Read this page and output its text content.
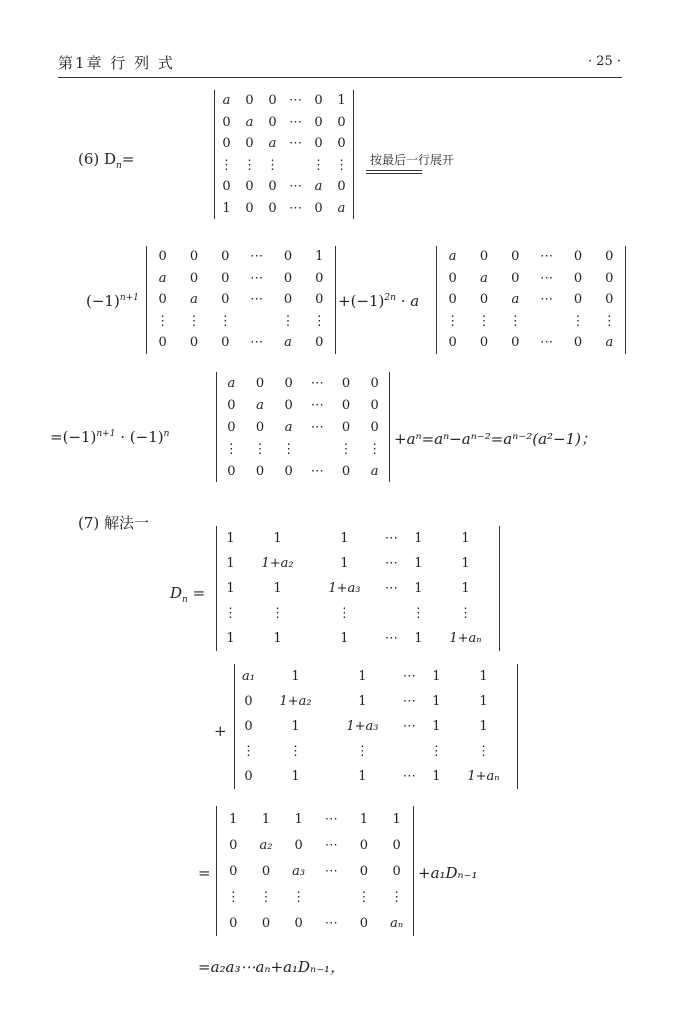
第1章 行 列 式	· 25 ·
(6) $D_n=$
a	0	0	⋯	0	1
0	a	0	⋯	0	0
0	0	a	⋯	0	0
⋮	⋮	⋮		⋮	⋮
0	0	0	⋯	a	0
1	0	0	⋯	0	a
按最后一行展开
$(-1)^{n+1}$
0	0	0	⋯	0	1
a	0	0	⋯	0	0
0	a	0	⋯	0	0
⋮	⋮	⋮		⋮	⋮
0	0	0	⋯	a	0
$+(-1)^{2n} \cdot a$
a	0	0	⋯	0	0
0	a	0	⋯	0	0
0	0	a	⋯	0	0
⋮	⋮	⋮		⋮	⋮
0	0	0	⋯	0	a
$=(-1)^{n+1} \cdot (-1)^n$
a	0	0	⋯	0	0
0	a	0	⋯	0	0
0	0	a	⋯	0	0
⋮	⋮	⋮		⋮	⋮
0	0	0	⋯	0	a
+aⁿ=aⁿ−aⁿ⁻²=aⁿ⁻²(a²−1)；
(7) 解法一
$D_n$ =
1	1	1	⋯	1	1
1	1+a₂	1	⋯	1	1
1	1	1+a₃	⋯	1	1
⋮	⋮	⋮		⋮	⋮
1	1	1	⋯	1	1+aₙ
+
a₁	1	1	⋯	1	1
0	1+a₂	1	⋯	1	1
0	1	1+a₃	⋯	1	1
⋮	⋮	⋮		⋮	⋮
0	1	1	⋯	1	1+aₙ
=
1	1	1	⋯	1	1
0	a₂	0	⋯	0	0
0	0	a₃	⋯	0	0
⋮	⋮	⋮		⋮	⋮
0	0	0	⋯	0	aₙ
+a₁Dₙ₋₁
=a₂a₃⋯aₙ+a₁Dₙ₋₁，
